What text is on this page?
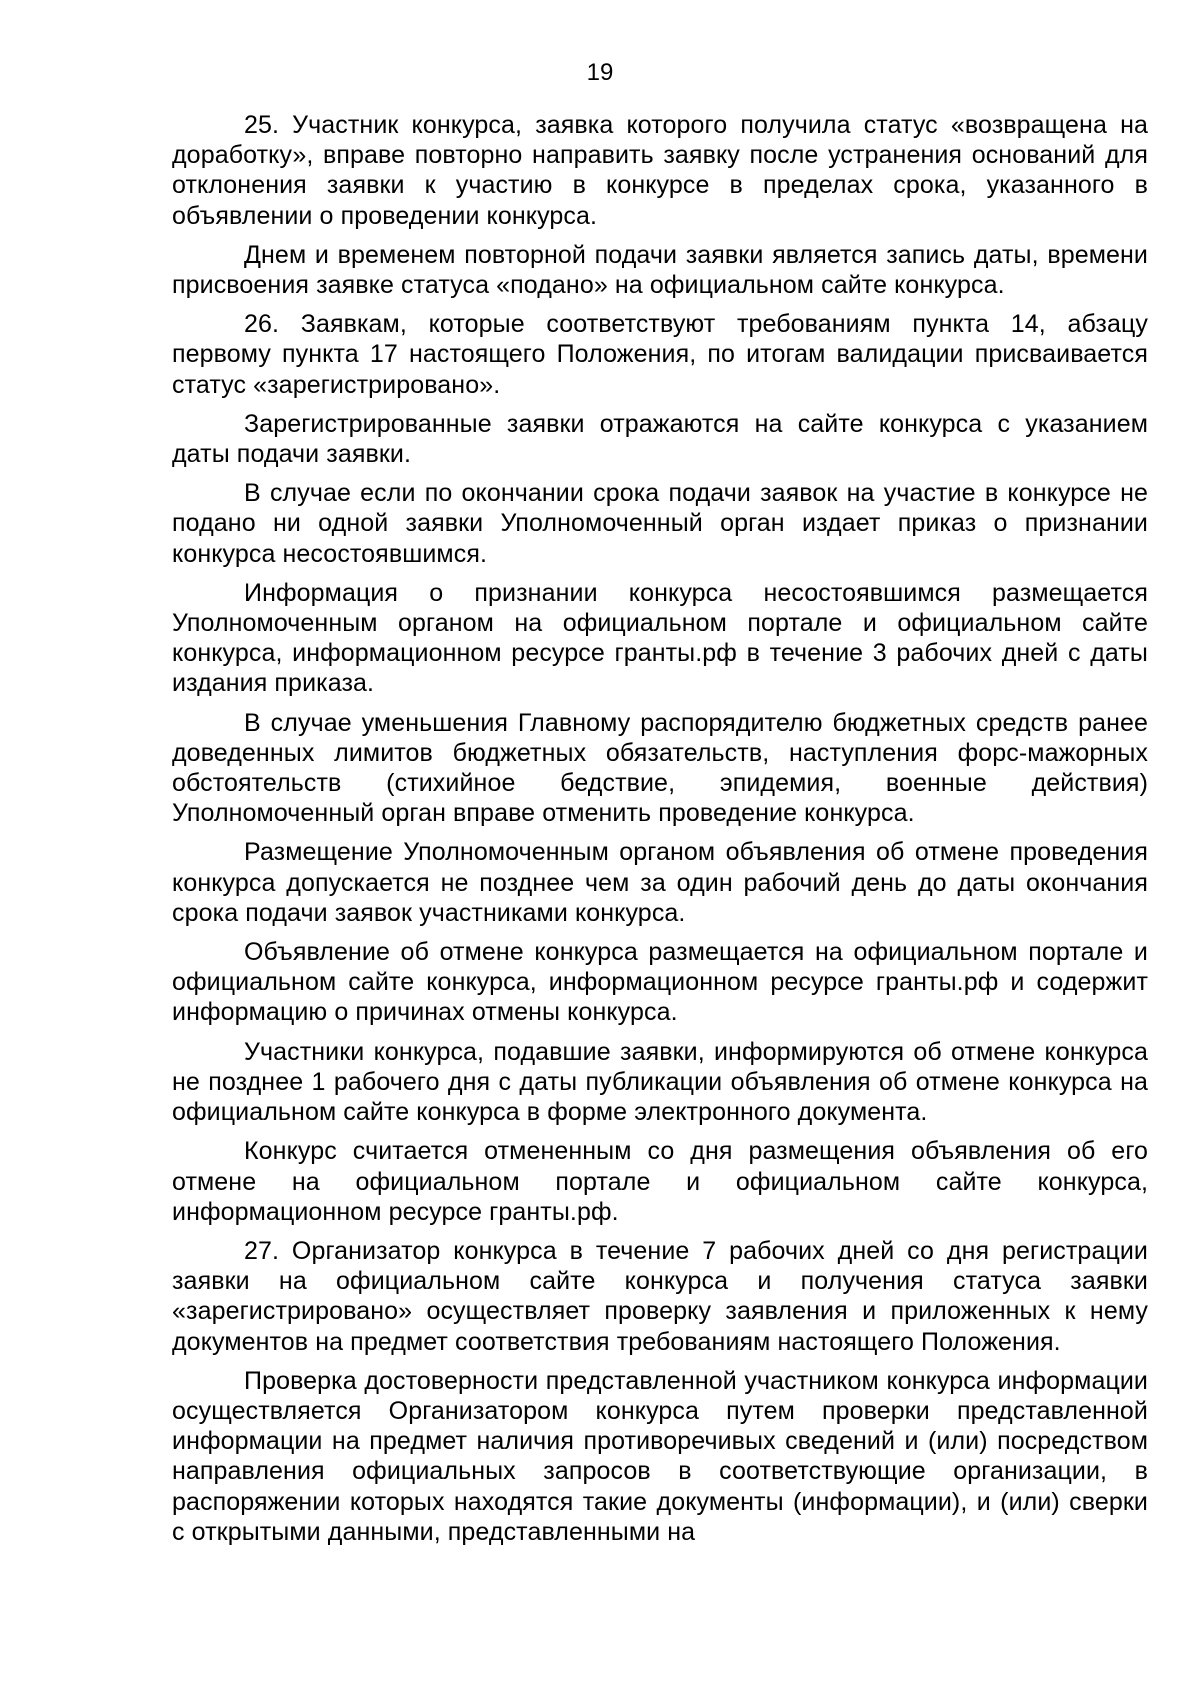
19

25. Участник конкурса, заявка которого получила статус «возвращена на доработку», вправе повторно направить заявку после устранения оснований для отклонения заявки к участию в конкурсе в пределах срока, указанного в объявлении о проведении конкурса.

Днем и временем повторной подачи заявки является запись даты, времени присвоения заявке статуса «подано» на официальном сайте конкурса.

26. Заявкам, которые соответствуют требованиям пункта 14, абзацу первому пункта 17 настоящего Положения, по итогам валидации присваивается статус «зарегистрировано».

Зарегистрированные заявки отражаются на сайте конкурса с указанием даты подачи заявки.

В случае если по окончании срока подачи заявок на участие в конкурсе не подано ни одной заявки Уполномоченный орган издает приказ о признании конкурса несостоявшимся.

Информация о признании конкурса несостоявшимся размещается Уполномоченным органом на официальном портале и официальном сайте конкурса, информационном ресурсе гранты.рф в течение 3 рабочих дней с даты издания приказа.

В случае уменьшения Главному распорядителю бюджетных средств ранее доведенных лимитов бюджетных обязательств, наступления форс-мажорных обстоятельств (стихийное бедствие, эпидемия, военные действия) Уполномоченный орган вправе отменить проведение конкурса.

Размещение Уполномоченным органом объявления об отмене проведения конкурса допускается не позднее чем за один рабочий день до даты окончания срока подачи заявок участниками конкурса.

Объявление об отмене конкурса размещается на официальном портале и официальном сайте конкурса, информационном ресурсе гранты.рф и содержит информацию о причинах отмены конкурса.

Участники конкурса, подавшие заявки, информируются об отмене конкурса не позднее 1 рабочего дня с даты публикации объявления об отмене конкурса на официальном сайте конкурса в форме электронного документа.

Конкурс считается отмененным со дня размещения объявления об его отмене на официальном портале и официальном сайте конкурса, информационном ресурсе гранты.рф.

27. Организатор конкурса в течение 7 рабочих дней со дня регистрации заявки на официальном сайте конкурса и получения статуса заявки «зарегистрировано» осуществляет проверку заявления и приложенных к нему документов на предмет соответствия требованиям настоящего Положения.

Проверка достоверности представленной участником конкурса информации осуществляется Организатором конкурса путем проверки представленной информации на предмет наличия противоречивых сведений и (или) посредством направления официальных запросов в соответствующие организации, в распоряжении которых находятся такие документы (информации), и (или) сверки с открытыми данными, представленными на
